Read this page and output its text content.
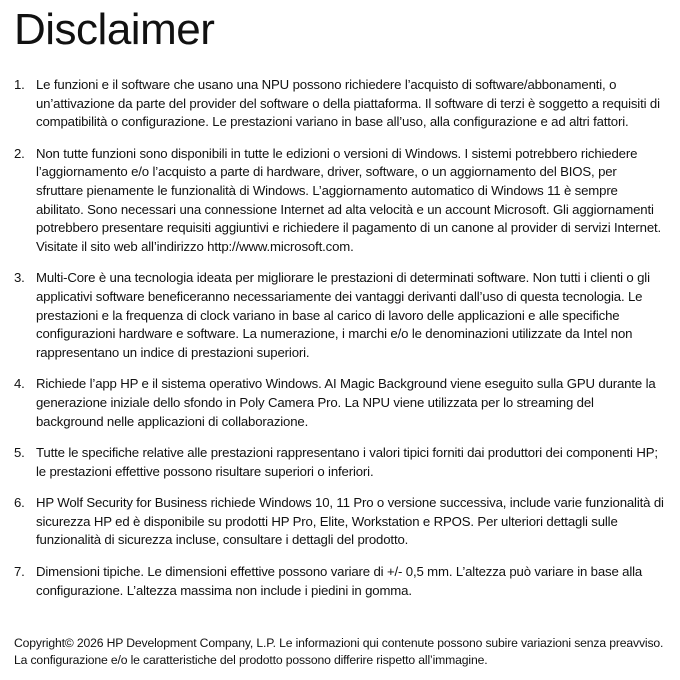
Disclaimer
1. Le funzioni e il software che usano una NPU possono richiedere l’acquisto di software/abbonamenti, o un’attivazione da parte del provider del software o della piattaforma. Il software di terzi è soggetto a requisiti di compatibilità o configurazione. Le prestazioni variano in base all’uso, alla configurazione e ad altri fattori.
2. Non tutte funzioni sono disponibili in tutte le edizioni o versioni di Windows. I sistemi potrebbero richiedere l’aggiornamento e/o l’acquisto a parte di hardware, driver, software, o un aggiornamento del BIOS, per sfruttare pienamente le funzionalità di Windows. L’aggiornamento automatico di Windows 11 è sempre abilitato. Sono necessari una connessione Internet ad alta velocità e un account Microsoft. Gli aggiornamenti potrebbero presentare requisiti aggiuntivi e richiedere il pagamento di un canone al provider di servizi Internet. Visitate il sito web all’indirizzo http://www.microsoft.com.
3. Multi-Core è una tecnologia ideata per migliorare le prestazioni di determinati software. Non tutti i clienti o gli applicativi software beneficeranno necessariamente dei vantaggi derivanti dall’uso di questa tecnologia. Le prestazioni e la frequenza di clock variano in base al carico di lavoro delle applicazioni e alle specifiche configurazioni hardware e software. La numerazione, i marchi e/o le denominazioni utilizzate da Intel non rappresentano un indice di prestazioni superiori.
4. Richiede l’app HP e il sistema operativo Windows. AI Magic Background viene eseguito sulla GPU durante la generazione iniziale dello sfondo in Poly Camera Pro. La NPU viene utilizzata per lo streaming del background nelle applicazioni di collaborazione.
5. Tutte le specifiche relative alle prestazioni rappresentano i valori tipici forniti dai produttori dei componenti HP; le prestazioni effettive possono risultare superiori o inferiori.
6. HP Wolf Security for Business richiede Windows 10, 11 Pro o versione successiva, include varie funzionalità di sicurezza HP ed è disponibile su prodotti HP Pro, Elite, Workstation e RPOS. Per ulteriori dettagli sulle funzionalità di sicurezza incluse, consultare i dettagli del prodotto.
7. Dimensioni tipiche. Le dimensioni effettive possono variare di +/- 0,5 mm. L’altezza può variare in base alla configurazione. L’altezza massima non include i piedini in gomma.

Copyright© 2026 HP Development Company, L.P. Le informazioni qui contenute possono subire variazioni senza preavviso. La configurazione e/o le caratteristiche del prodotto possono differire rispetto all’immagine.
